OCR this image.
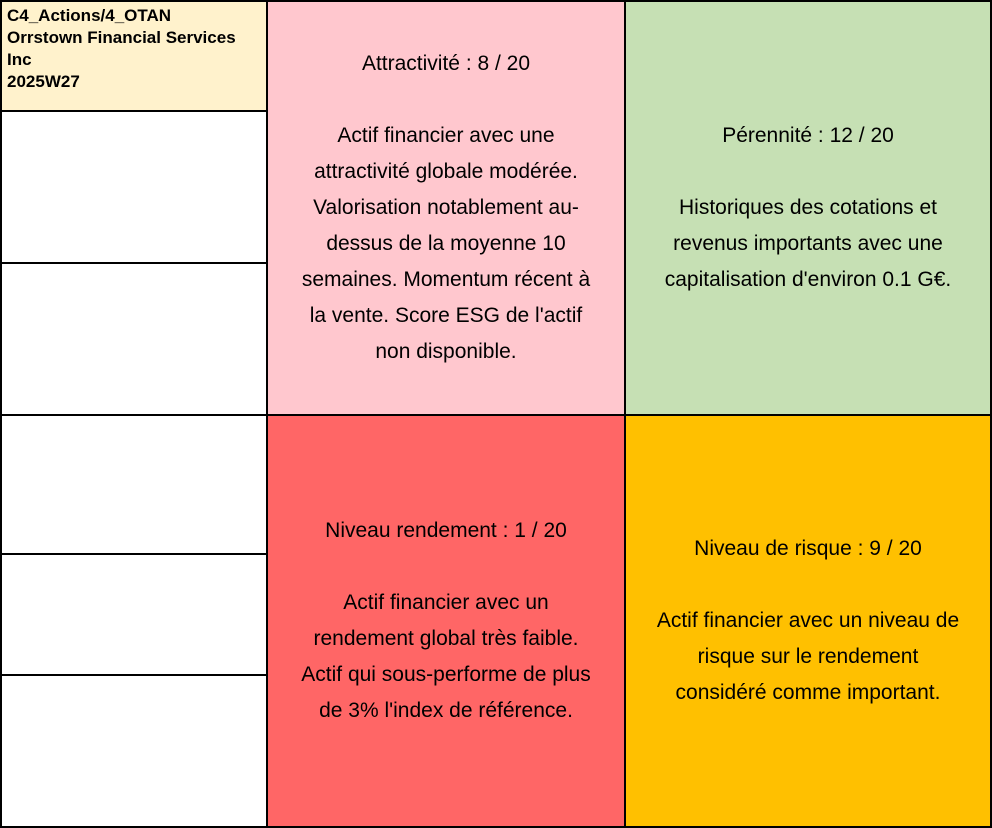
C4_Actions/4_OTAN
Orrstown Financial Services
Inc
2025W27
Attractivité : 8 / 20
Actif financier avec une
attractivité globale modérée.
Valorisation notablement au-
dessus de la moyenne 10
semaines. Momentum récent à
la vente. Score ESG de l'actif
non disponible.
Pérennité : 12 / 20
Historiques des cotations et
revenus importants avec une
capitalisation d'environ 0.1 G€.
Niveau rendement : 1 / 20
Actif financier avec un
rendement global très faible.
Actif qui sous-performe de plus
de 3% l'index de référence.
Niveau de risque : 9 / 20
Actif financier avec un niveau de
risque sur le rendement
considéré comme important.
